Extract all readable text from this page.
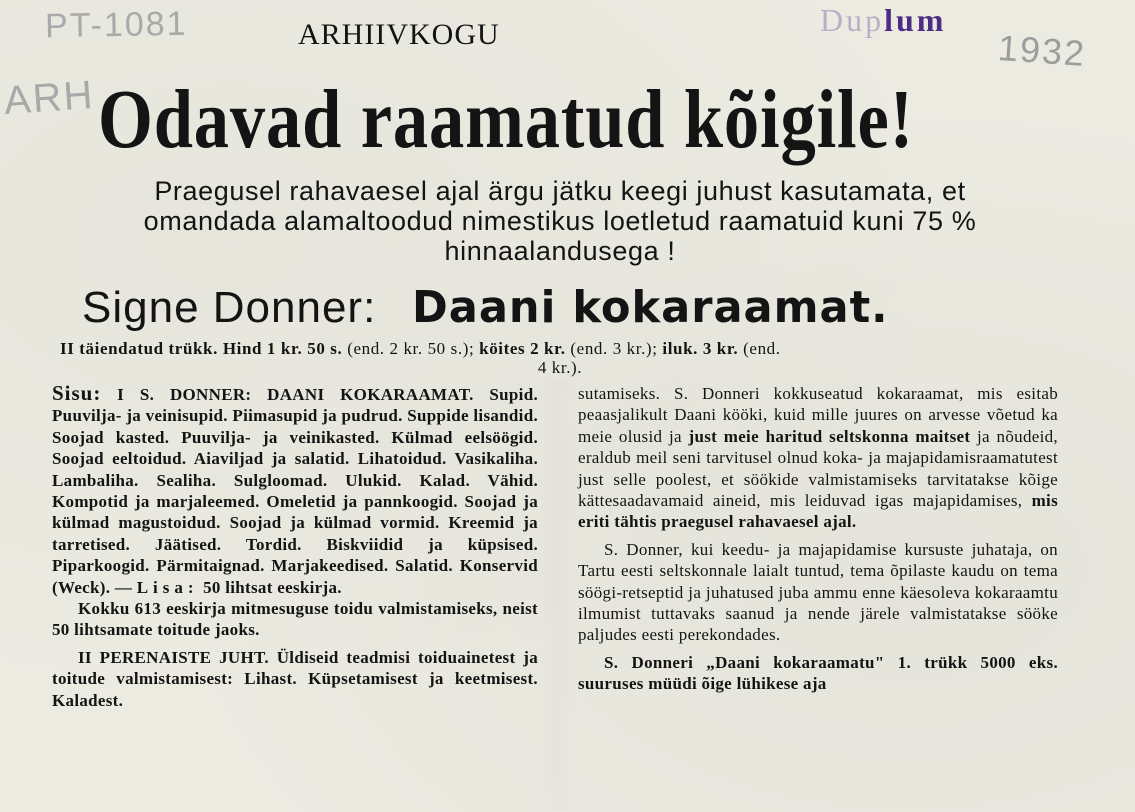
PT-1081
ARH
Duplum
1932
ARHIIVKOGU
Odavad raamatud kõigile!
Praegusel rahavaesel ajal ärgu jätku keegi juhust kasutamata, et
omandada alamaltoodud nimestikus loetletud raamatuid kuni 75 %
hinnaalandusega !
Signe Donner: Daani kokaraamat.
II täiendatud trükk. Hind 1 kr. 50 s. (end. 2 kr. 50 s.); köites 2 kr. (end. 3 kr.); iluk. 3 kr. (end.
4 kr.).

Sisu: I S. DONNER: DAANI KOKARAAMAT. Supid. Puuvilja- ja veinisupid. Piimasupid ja pudrud. Suppide lisandid. Soojad kasted. Puuvilja- ja veinikasted. Külmad eelsöögid. Soojad eeltoidud. Aiaviljad ja salatid. Lihatoidud. Vasikaliha. Lambaliha. Sealiha. Sulgloomad. Ulukid. Kalad. Vähid. Kompotid ja marjaleemed. Omeletid ja pannkoogid. Soojad ja külmad magustoidud. Soojad ja külmad vormid. Kreemid ja tarretised. Jäätised. Tordid. Biskviidid ja küpsised. Piparkoogid. Pärmitaignad. Marjakeedised. Salatid. Konservid (Weck). — Lisa: 50 lihtsat eeskirja.

Kokku 613 eeskirja mitmesuguse toidu valmistamiseks, neist 50 lihtsamate toitude jaoks.

II PERENAISTE JUHT. Üldiseid teadmisi toiduainetest ja toitude valmistamisest: Lihast. Küpsetamisest ja keetmisest. Kaladest.

sutamiseks. S. Donneri kokkuseatud kokaraamat, mis esitab peaasjalikult Daani kööki, kuid mille juures on arvesse võetud ka meie olusid ja just meie haritud seltskonna maitset ja nõudeid, eraldub meil seni tarvitusel olnud koka- ja majapidamisraamatutest just selle poolest, et söökide valmistamiseks tarvitatakse kõige kättesaadavamaid aineid, mis leiduvad igas majapidamises, mis eriti tähtis praegusel rahavaesel ajal.

S. Donner, kui keedu- ja majapidamise kursuste juhataja, on Tartu eesti seltskonnale laialt tuntud, tema õpilaste kaudu on tema söögi-retseptid ja juhatused juba ammu enne käesoleva kokaraamtu ilmumist tuttavaks saanud ja nende järele valmistatakse sööke paljudes eesti perekondades.

S. Donneri „Daani kokaraamatu" 1. trükk 5000 eks. suuruses müüdi õige lühikese aja
